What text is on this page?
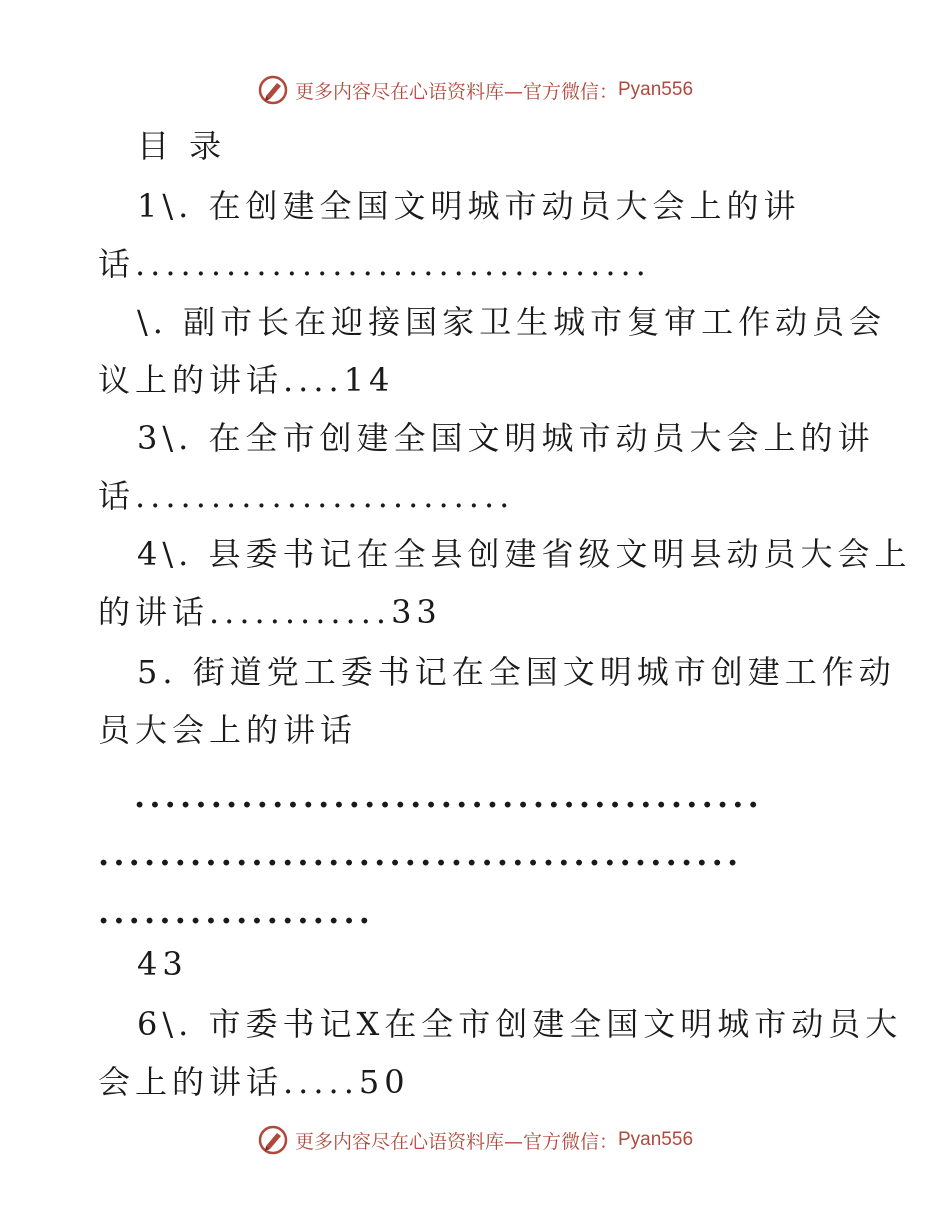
更多内容尽在心语资料库—官方微信： Pyan556
目 录
1\. 在创建全国文明城市动员大会上的讲
话..................................
\. 副市长在迎接国家卫生城市复审工作动员会
议上的讲话....14
3\. 在全市创建全国文明城市动员大会上的讲
话.........................
4\. 县委书记在全县创建省级文明县动员大会上
的讲话............33
5. 街道党工委书记在全国文明城市创建工作动
员大会上的讲话
.........................................
..........................................
..................
43
6\. 市委书记X在全市创建全国文明城市动员大
会上的讲话.....50
更多内容尽在心语资料库—官方微信： Pyan556
